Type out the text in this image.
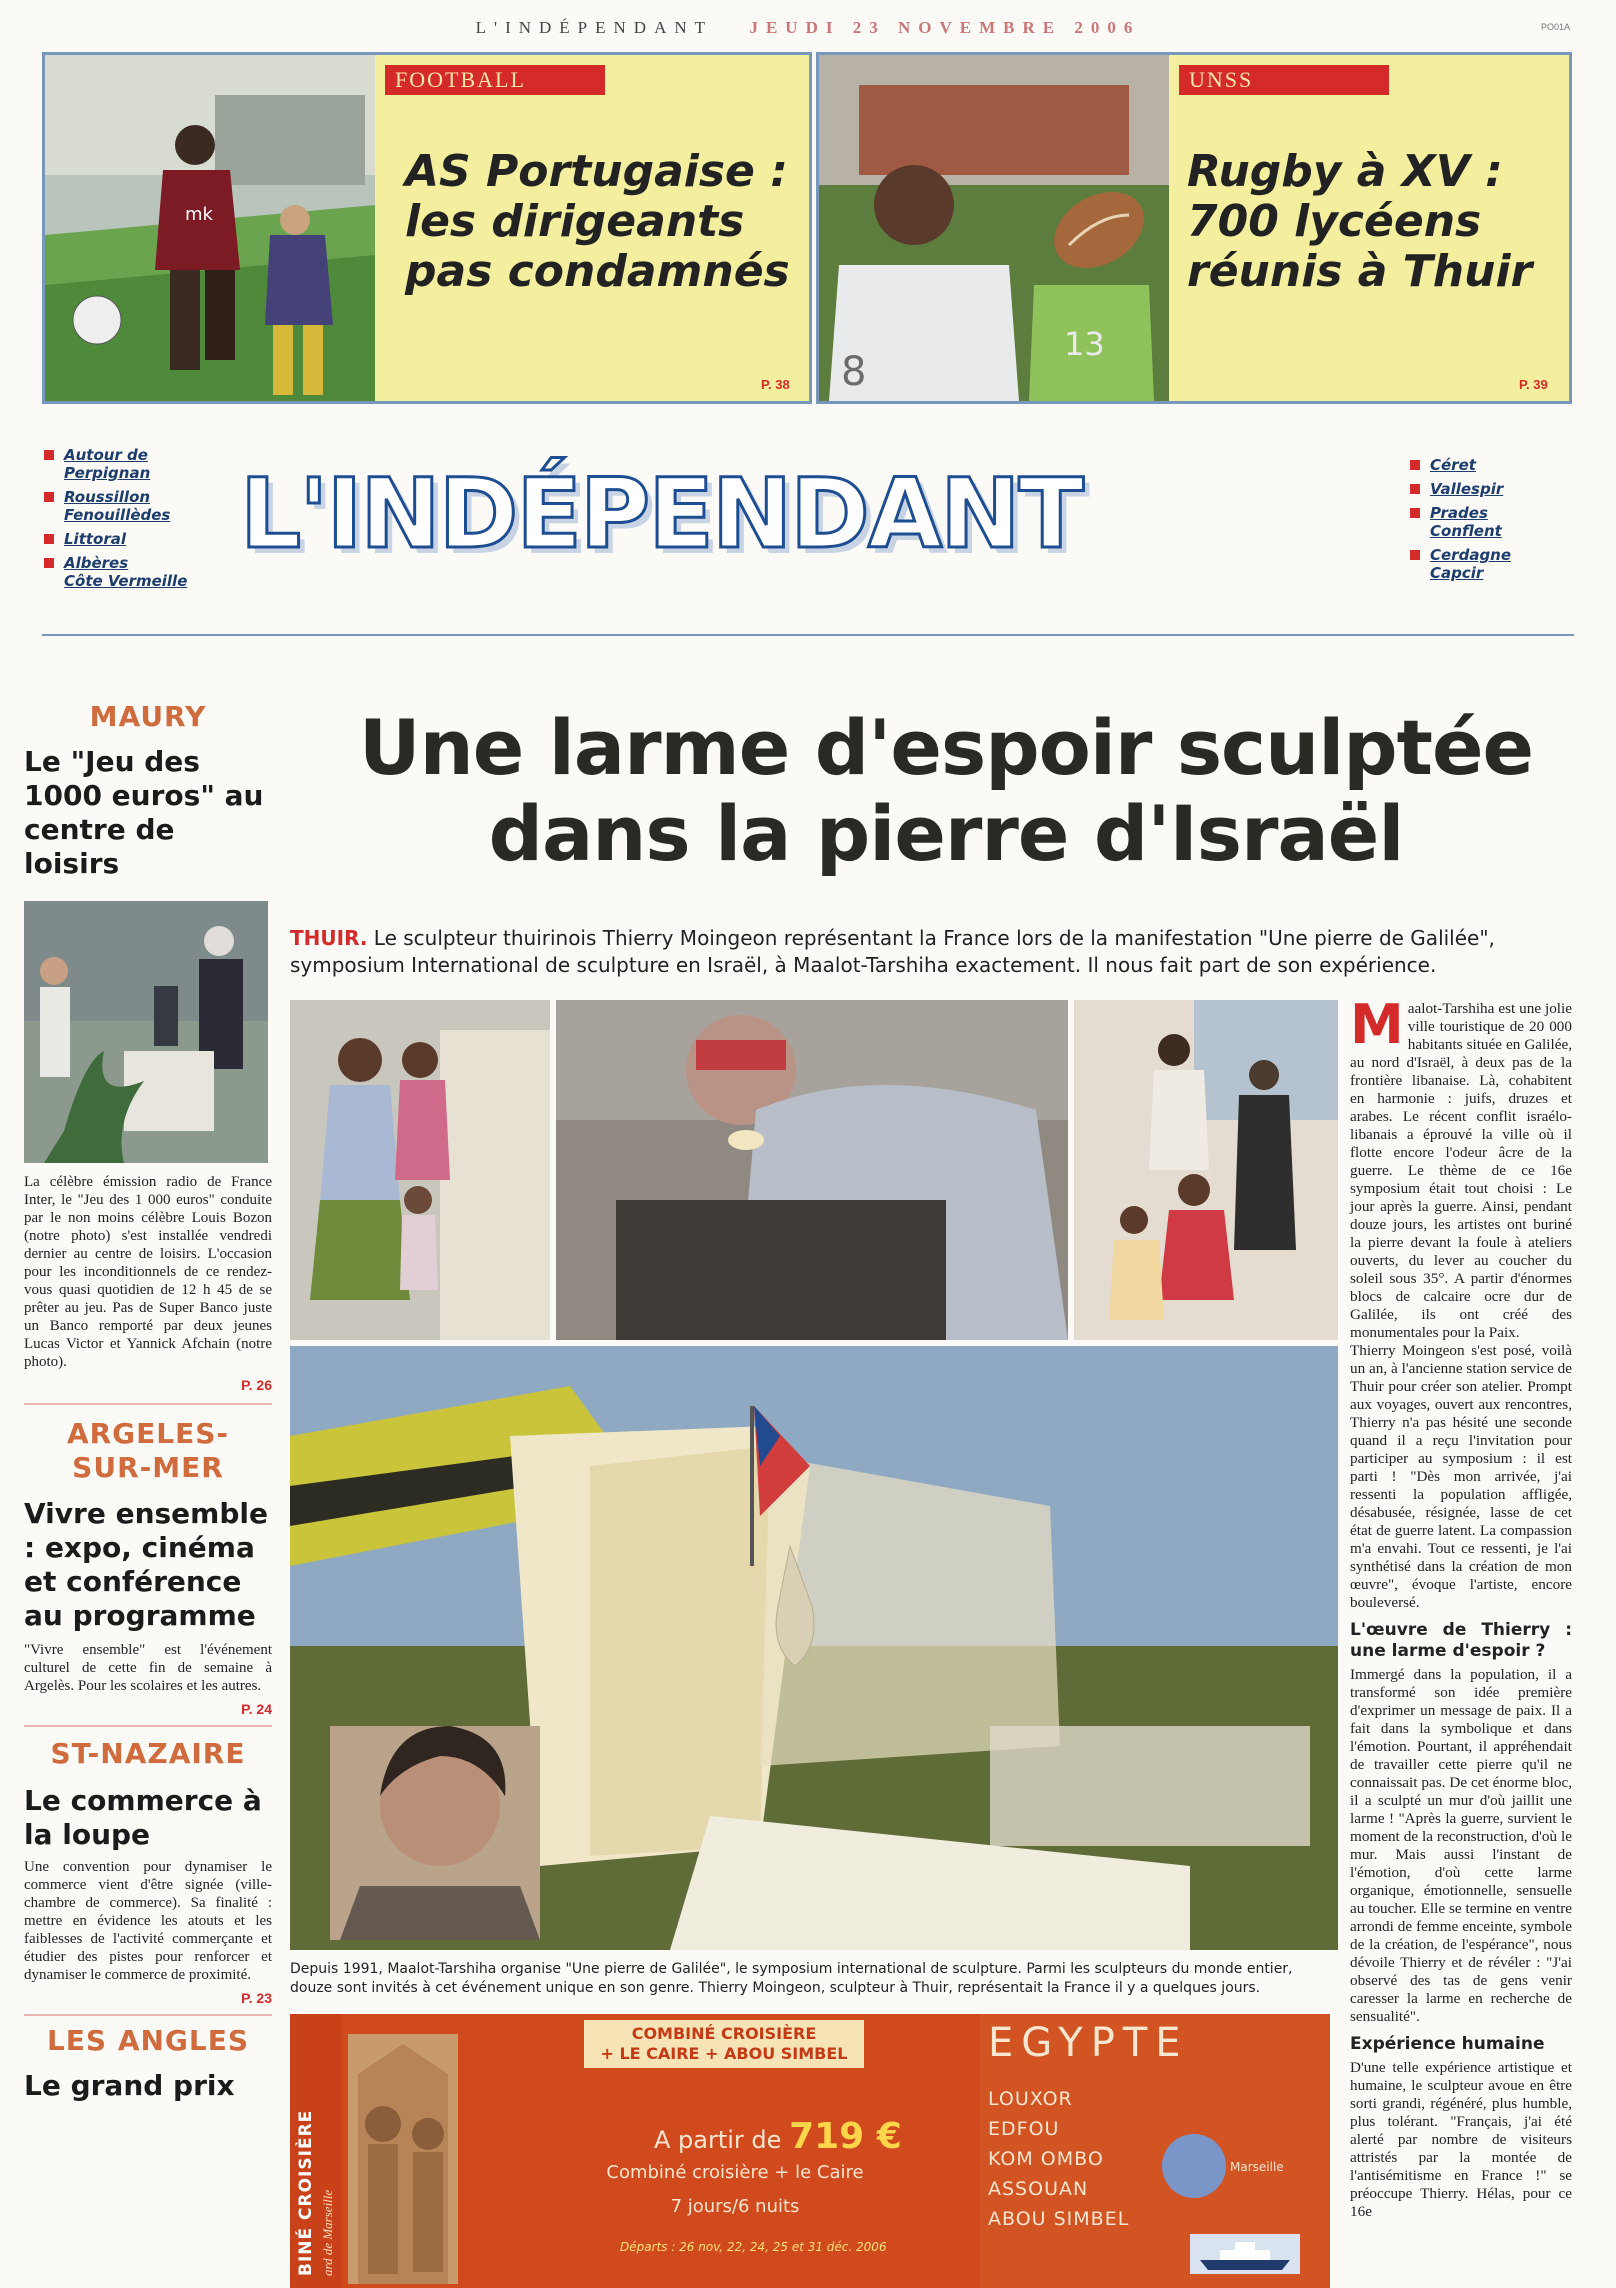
L'INDÉPENDANT JEUDI 23 NOVEMBRE 2006	PO01A
mk
FOOTBALL
AS Portugaise :
les dirigeants
pas condamnés
P. 38 8
13
UNSS
Rugby à XV :
700 lycéens
réunis à Thuir
P. 39
Autour de
Perpignan
Roussillon
Fenouillèdes
Littoral
Albères
Côte Vermeille
L'INDÉPENDANT	Céret
Vallespir
Prades
Conflent
Cerdagne
Capcir
MAURY
Le "Jeu des 1000 euros" au centre de loisirs
La célèbre émission radio de France Inter, le "Jeu des 1 000 euros" conduite par le non moins célèbre Louis Bozon (notre photo) s'est installée vendredi dernier au centre de loisirs. L'occasion pour les inconditionnels de ce rendez-vous quasi quotidien de 12 h 45 de se prêter au jeu. Pas de Super Banco juste un Banco remporté par deux jeunes Lucas Victor et Yannick Afchain (notre photo).
P. 26
ARGELES-
SUR-MER
Vivre ensemble : expo, cinéma et conférence au programme
"Vivre ensemble" est l'événement culturel de cette fin de semaine à Argelès. Pour les scolaires et les autres.
P. 24
ST-NAZAIRE
Le commerce à la loupe
Une convention pour dynamiser le commerce vient d'être signée (ville-chambre de commerce). Sa finalité : mettre en évidence les atouts et les faiblesses de l'activité commerçante et étudier des pistes pour renforcer et dynamiser le commerce de proximité.
P. 23
LES ANGLES
Le grand prix
Une larme d'espoir sculptée
dans la pierre d'Israël
THUIR. Le sculpteur thuirinois Thierry Moingeon représentant la France lors de la manifestation "Une pierre de Galilée", symposium International de sculpture en Israël, à Maalot-Tarshiha exactement. Il nous fait part de son expérience.
Depuis 1991, Maalot-Tarshiha organise "Une pierre de Galilée", le symposium international de sculpture. Parmi les sculpteurs du monde entier, douze sont invités à cet événement unique en son genre. Thierry Moingeon, sculpteur à Thuir, représentait la France il y a quelques jours.

Maalot-Tarshiha est une jolie ville touristique de 20 000 habitants située en Galilée, au nord d'Israël, à deux pas de la frontière libanaise. Là, cohabitent en harmonie : juifs, druzes et arabes. Le récent conflit israélo-libanais a éprouvé la ville où il flotte encore l'odeur âcre de la guerre. Le thème de ce 16e symposium était tout choisi : Le jour après la guerre. Ainsi, pendant douze jours, les artistes ont buriné la pierre devant la foule à ateliers ouverts, du lever au coucher du soleil sous 35°. A partir d'énormes blocs de calcaire ocre dur de Galilée, ils ont créé des monumentales pour la Paix.

Thierry Moingeon s'est posé, voilà un an, à l'ancienne station service de Thuir pour créer son atelier. Prompt aux voyages, ouvert aux rencontres, Thierry n'a pas hésité une seconde quand il a reçu l'invitation pour participer au symposium : il est parti ! "Dès mon arrivée, j'ai ressenti la population affligée, désabusée, résignée, lasse de cet état de guerre latent. La compassion m'a envahi. Tout ce ressenti, je l'ai synthétisé dans la création de mon œuvre", évoque l'artiste, encore bouleversé.

L'œuvre de Thierry : une larme d'espoir ?

Immergé dans la population, il a transformé son idée première d'exprimer un message de paix. Il a fait dans la symbolique et dans l'émotion. Pourtant, il appréhendait de travailler cette pierre qu'il ne connaissait pas. De cet énorme bloc, il a sculpté un mur d'où jaillit une larme ! "Après la guerre, survient le moment de la reconstruction, d'où le mur. Mais aussi l'instant de l'émotion, d'où cette larme organique, émotionnelle, sensuelle au toucher. Elle se termine en ventre arrondi de femme enceinte, symbole de la création, de l'espérance", nous dévoile Thierry et de révéler : "J'ai observé des tas de gens venir caresser la larme en recherche de sensualité".

Expérience humaine

D'une telle expérience artistique et humaine, le sculpteur avoue en être sorti grandi, régénéré, plus humble, plus tolérant. "Français, j'ai été alerté par nombre de visiteurs attristés par la montée de l'antisémitisme en France !" se préoccupe Thierry. Hélas, pour ce 16e

BINÉ CROISIÈRE ard de Marseille
COMBINÉ CROISIÈRE
+ LE CAIRE + ABOU SIMBEL
A partir de 719 €
Combiné croisière + le Caire
7 jours/6 nuits
Départs : 26 nov, 22, 24, 25 et 31 déc. 2006
EGYPTE
LOUXOR
EDFOU
KOM OMBO
ASSOUAN
ABOU SIMBEL
Marseille
